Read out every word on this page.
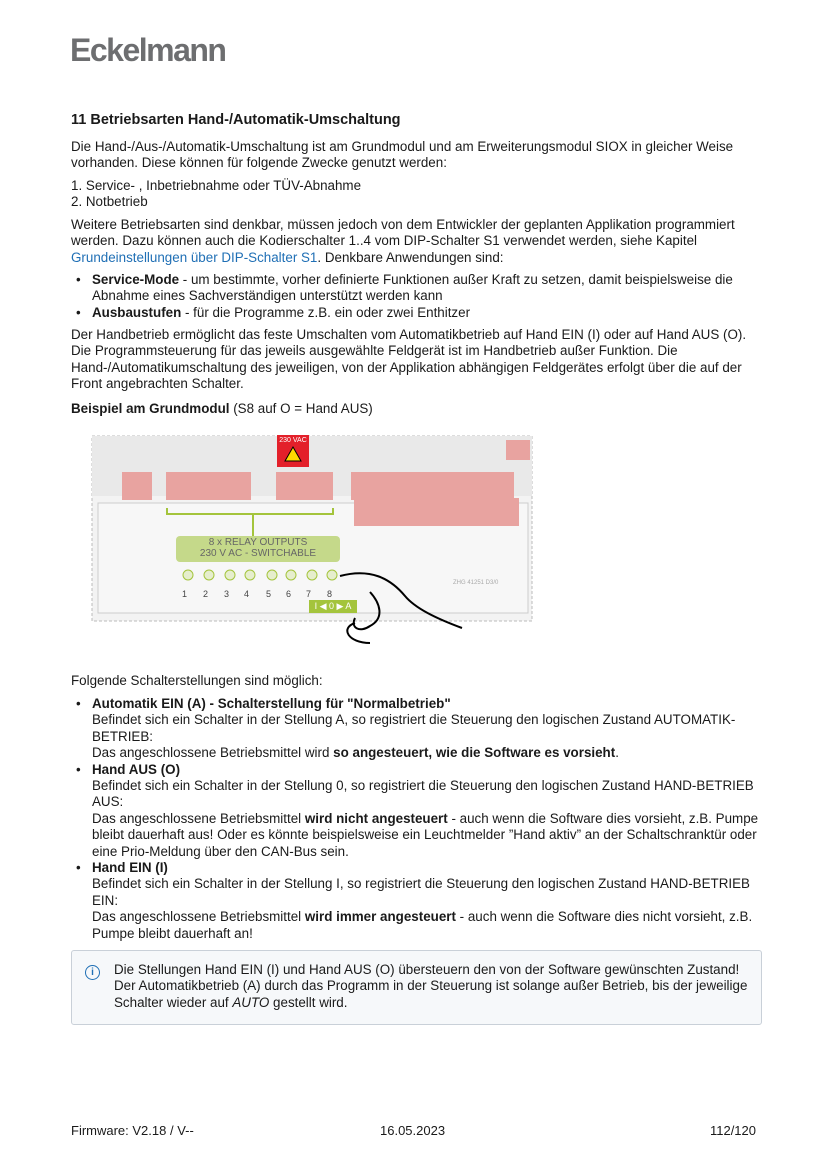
Eckelmann
11 Betriebsarten Hand-/Automatik-Umschaltung

Die Hand-/Aus-/Automatik-Umschaltung ist am Grundmodul und am Erweiterungsmodul SIOX in gleicher Weise vorhanden. Diese können für folgende Zwecke genutzt werden:

1. Service- , Inbetriebnahme oder TÜV-Abnahme

2. Notbetrieb

Weitere Betriebsarten sind denkbar, müssen jedoch von dem Entwickler der geplanten Applikation programmiert werden. Dazu können auch die Kodierschalter 1..4 vom DIP-Schalter S1 verwendet werden, siehe Kapitel Grundeinstellungen über DIP-Schalter S1. Denkbare Anwendungen sind:

• Service-Mode - um bestimmte, vorher definierte Funktionen außer Kraft zu setzen, damit beispielsweise die Abnahme eines Sachverständigen unterstützt werden kann
• Ausbaustufen - für die Programme z.B. ein oder zwei Enthitzer

Der Handbetrieb ermöglicht das feste Umschalten vom Automatikbetrieb auf Hand EIN (I) oder auf Hand AUS (O). Die Programmsteuerung für das jeweils ausgewählte Feldgerät ist im Handbetrieb außer Funktion. Die Hand-/Automatikumschaltung des jeweiligen, von der Applikation abhängigen Feldgerätes erfolgt über die auf der Front angebrachten Schalter.

Beispiel am Grundmodul (S8 auf O = Hand AUS)

230 VAC
8 x RELAY OUTPUTS
230 V AC - SWITCHABLE
1	2	3	4	5	6	7	8
I ◀ 0 ▶ A
ZHG 41251 D3/0

Folgende Schalterstellungen sind möglich:

• Automatik EIN (A) - Schalterstellung für "Normalbetrieb"
Befindet sich ein Schalter in der Stellung A, so registriert die Steuerung den logischen Zustand AUTOMATIK-BETRIEB:
Das angeschlossene Betriebsmittel wird so angesteuert, wie die Software es vorsieht.
• Hand AUS (O)
Befindet sich ein Schalter in der Stellung 0, so registriert die Steuerung den logischen Zustand HAND-BETRIEB AUS:
Das angeschlossene Betriebsmittel wird nicht angesteuert - auch wenn die Software dies vorsieht, z.B. Pumpe bleibt dauerhaft aus! Oder es könnte beispielsweise ein Leuchtmelder ”Hand aktiv” an der Schaltschranktür oder eine Prio-Meldung über den CAN-Bus sein.
• Hand EIN (I)
Befindet sich ein Schalter in der Stellung I, so registriert die Steuerung den logischen Zustand HAND-BETRIEB EIN:
Das angeschlossene Betriebsmittel wird immer angesteuert - auch wenn die Software dies nicht vorsieht, z.B. Pumpe bleibt dauerhaft an!
i	Die Stellungen Hand EIN (I) und Hand AUS (O) übersteuern den von der Software gewünschten Zustand! Der Automatikbetrieb (A) durch das Programm in der Steuerung ist solange außer Betrieb, bis der jeweilige Schalter wieder auf AUTO gestellt wird.

Firmware: V2.18 / V--	16.05.2023	112/120
